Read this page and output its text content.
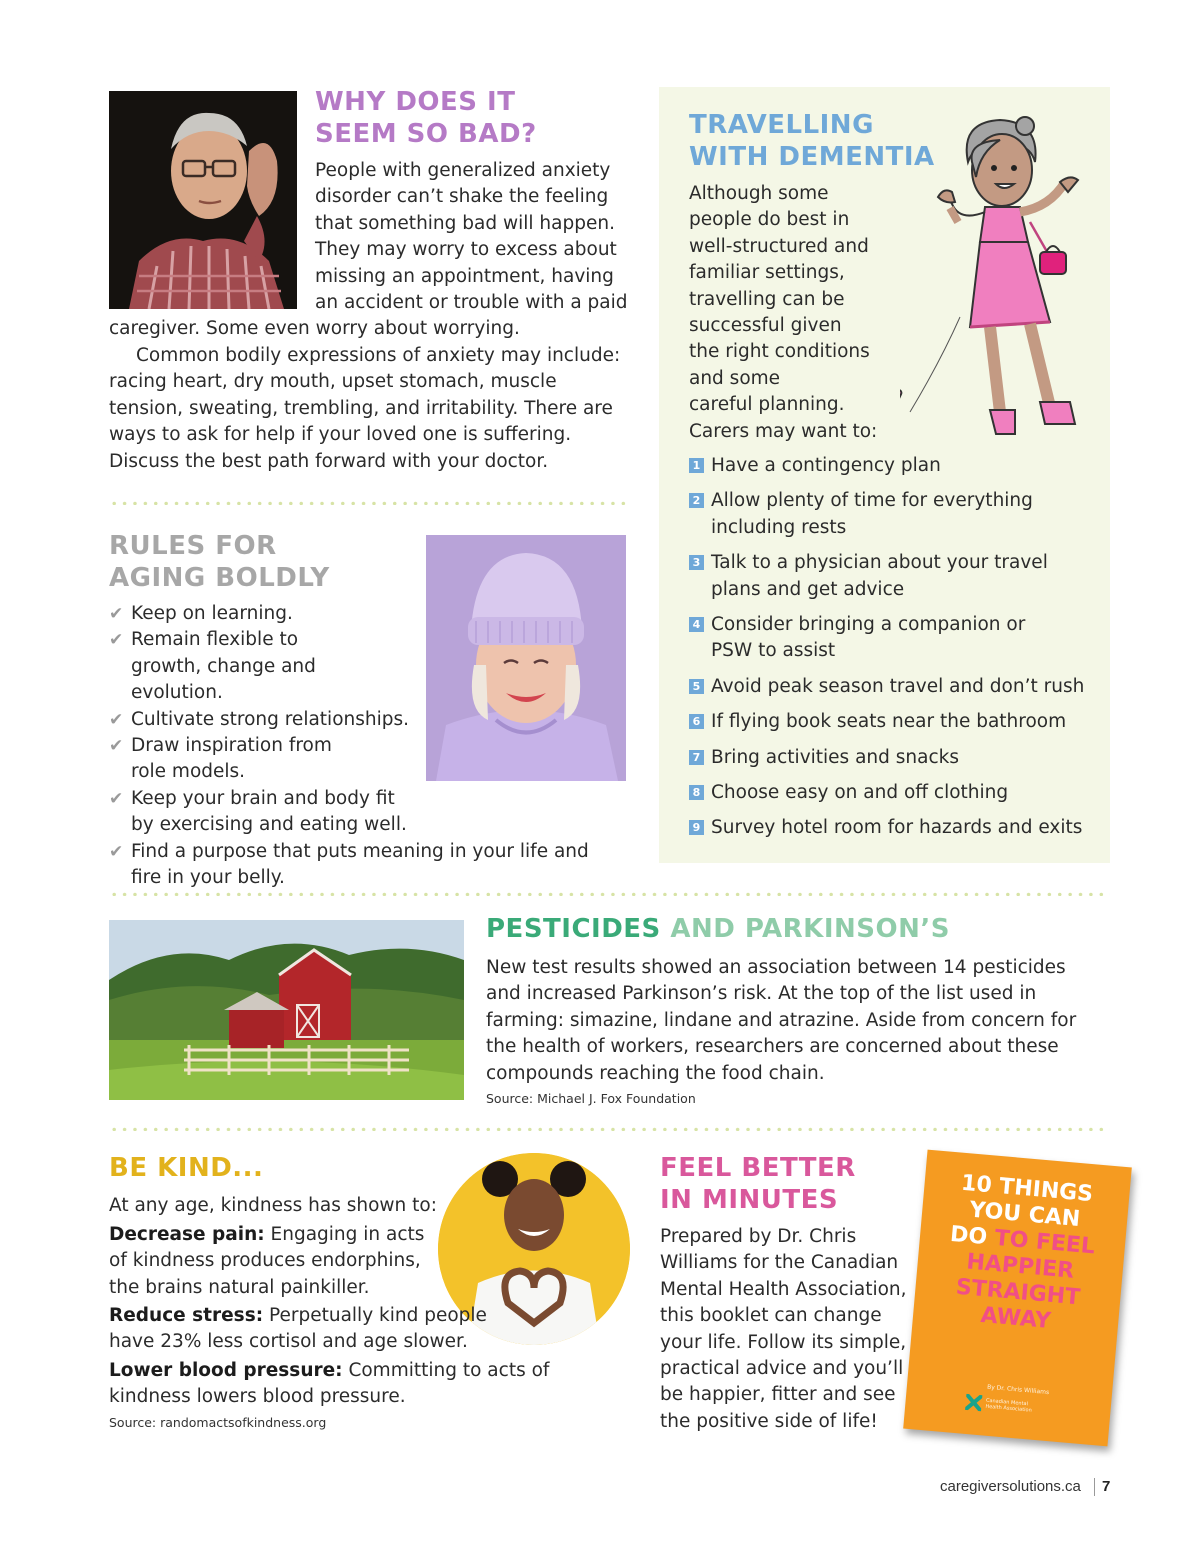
WHY DOES IT
SEEM SO BAD?
People with generalized anxiety
disorder can’t shake the feeling
that something bad will happen.
They may worry to excess about
missing an appointment, having
an accident or trouble with a paid
caregiver. Some even worry about worrying.
Common bodily expressions of anxiety may include: racing heart, dry mouth, upset stomach, muscle tension, sweating, trembling, and irritability. There are ways to ask for help if your loved one is suffering. Discuss the best path forward with your doctor.
RULES FOR
AGING BOLDLY
✔ Keep on learning.
✔ Remain flexible to growth, change and evolution.
✔ Cultivate strong relationships.
✔ Draw inspiration from role models.
✔ Keep your brain and body fit by exercising and eating well.
✔ Find a purpose that puts meaning in your life and fire in your belly.
TRAVELLING
WITH DEMENTIA
Although some
people do best in
well-structured and
familiar settings,
travelling can be
successful given
the right conditions
and some
careful planning.
Carers may want to:
1 Have a contingency plan
2 Allow plenty of time for everything including rests
3 Talk to a physician about your travel plans and get advice
4 Consider bringing a companion or PSW to assist
5 Avoid peak season travel and don’t rush
6 If flying book seats near the bathroom
7 Bring activities and snacks
8 Choose easy on and off clothing
9 Survey hotel room for hazards and exits
PESTICIDES AND PARKINSON’S
New test results showed an association between 14 pesticides and increased Parkinson’s risk. At the top of the list used in farming: simazine, lindane and atrazine. Aside from concern for the health of workers, researchers are concerned about these compounds reaching the food chain.
Source: Michael J. Fox Foundation
BE KIND...
At any age, kindness has shown to:
Decrease pain: Engaging in acts
of kindness produces endorphins,
the brains natural painkiller.
Reduce stress: Perpetually kind people
have 23% less cortisol and age slower.
Lower blood pressure: Committing to acts of
kindness lowers blood pressure.
Source: randomactsofkindness.org
FEEL BETTER
IN MINUTES
Prepared by Dr. Chris
Williams for the Canadian
Mental Health Association,
this booklet can change
your life. Follow its simple,
practical advice and you’ll
be happier, fitter and see
the positive side of life!
10 THINGS
YOU CAN
DO TO FEEL
HAPPIER
STRAIGHT
AWAY
By Dr. Chris Williams
Canadian Mental Health Association
caregiversolutions.ca 7
